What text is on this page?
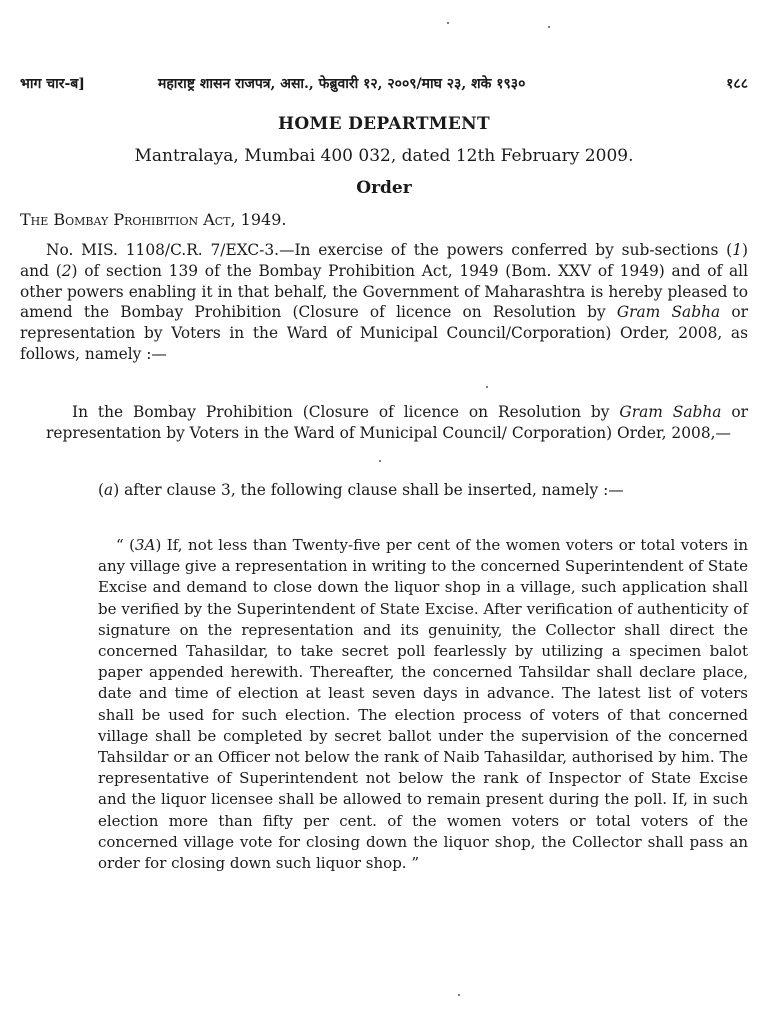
भाग चार-ब]	महाराष्ट्र शासन राजपत्र, असा., फेब्रुवारी १२, २००९/माघ २३, शके १९३०	१८८
HOME DEPARTMENT
Mantralaya, Mumbai 400 032, dated 12th February 2009.
Order
The Bombay Prohibition Act, 1949.
No. MIS. 1108/C.R. 7/EXC-3.—In exercise of the powers conferred by sub-sections (1) and (2) of section 139 of the Bombay Prohibition Act, 1949 (Bom. XXV of 1949) and of all other powers enabling it in that behalf, the Government of Maharashtra is hereby pleased to amend the Bombay Prohibition (Closure of licence on Resolution by Gram Sabha or representation by Voters in the Ward of Municipal Council/Corporation) Order, 2008, as follows, namely :—
In the Bombay Prohibition (Closure of licence on Resolution by Gram Sabha or representation by Voters in the Ward of Municipal Council/ Corporation) Order, 2008,—
(a) after clause 3, the following clause shall be inserted, namely :—
“ (3A) If, not less than Twenty-five per cent of the women voters or total voters in any village give a representation in writing to the concerned Superintendent of State Excise and demand to close down the liquor shop in a village, such application shall be verified by the Superintendent of State Excise. After verification of authenticity of signature on the representation and its genuinity, the Collector shall direct the concerned Tahasildar, to take secret poll fearlessly by utilizing a specimen balot paper appended herewith. Thereafter, the concerned Tahsildar shall declare place, date and time of election at least seven days in advance. The latest list of voters shall be used for such election. The election process of voters of that concerned village shall be completed by secret ballot under the supervision of the concerned Tahsildar or an Officer not below the rank of Naib Tahasildar, authorised by him. The representative of Superintendent not below the rank of Inspector of State Excise and the liquor licensee shall be allowed to remain present during the poll. If, in such election more than fifty per cent. of the women voters or total voters of the concerned village vote for closing down the liquor shop, the Collector shall pass an order for closing down such liquor shop. ”
